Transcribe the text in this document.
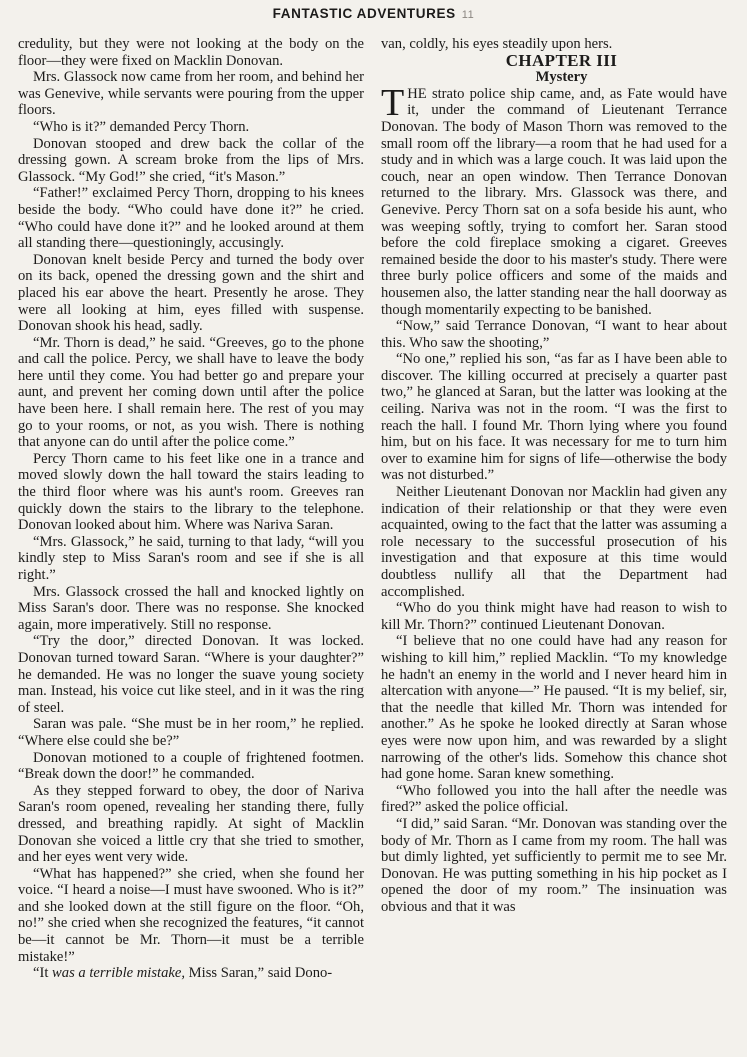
FANTASTIC ADVENTURES 11

credulity, but they were not looking at the body on the floor—they were fixed on Macklin Donovan.

Mrs. Glassock now came from her room, and behind her was Genevive, while servants were pouring from the upper floors.

“Who is it?” demanded Percy Thorn.

Donovan stooped and drew back the collar of the dressing gown. A scream broke from the lips of Mrs. Glassock. “My God!” she cried, “it's Mason.”

“Father!” exclaimed Percy Thorn, dropping to his knees beside the body. “Who could have done it?” he cried. “Who could have done it?” and he looked around at them all standing there—questioningly, accusingly.

Donovan knelt beside Percy and turned the body over on its back, opened the dressing gown and the shirt and placed his ear above the heart. Presently he arose. They were all looking at him, eyes filled with suspense. Donovan shook his head, sadly.

“Mr. Thorn is dead,” he said. “Greeves, go to the phone and call the police. Percy, we shall have to leave the body here until they come. You had better go and prepare your aunt, and prevent her coming down until after the police have been here. I shall remain here. The rest of you may go to your rooms, or not, as you wish. There is nothing that anyone can do until after the police come.”

Percy Thorn came to his feet like one in a trance and moved slowly down the hall toward the stairs leading to the third floor where was his aunt's room. Greeves ran quickly down the stairs to the library to the telephone. Donovan looked about him. Where was Nariva Saran.

“Mrs. Glassock,” he said, turning to that lady, “will you kindly step to Miss Saran's room and see if she is all right.”

Mrs. Glassock crossed the hall and knocked lightly on Miss Saran's door. There was no response. She knocked again, more imperatively. Still no response.

“Try the door,” directed Donovan. It was locked. Donovan turned toward Saran. “Where is your daughter?” he demanded. He was no longer the suave young society man. Instead, his voice cut like steel, and in it was the ring of steel.

Saran was pale. “She must be in her room,” he replied. “Where else could she be?”

Donovan motioned to a couple of frightened footmen. “Break down the door!” he commanded.

As they stepped forward to obey, the door of Nariva Saran's room opened, revealing her standing there, fully dressed, and breathing rapidly. At sight of Macklin Donovan she voiced a little cry that she tried to smother, and her eyes went very wide.

“What has happened?” she cried, when she found her voice. “I heard a noise—I must have swooned. Who is it?” and she looked down at the still figure on the floor. “Oh, no!” she cried when she recognized the features, “it cannot be—it cannot be Mr. Thorn—it must be a terrible mistake!”

“It was a terrible mistake, Miss Saran,” said Dono-

van, coldly, his eyes steadily upon hers.

CHAPTER III

Mystery

THE strato police ship came, and, as Fate would have it, under the command of Lieutenant Terrance Donovan. The body of Mason Thorn was removed to the small room off the library—a room that he had used for a study and in which was a large couch. It was laid upon the couch, near an open window. Then Terrance Donovan returned to the library. Mrs. Glassock was there, and Genevive. Percy Thorn sat on a sofa beside his aunt, who was weeping softly, trying to comfort her. Saran stood before the cold fireplace smoking a cigaret. Greeves remained beside the door to his master's study. There were three burly police officers and some of the maids and housemen also, the latter standing near the hall doorway as though momentarily expecting to be banished.

“Now,” said Terrance Donovan, “I want to hear about this. Who saw the shooting,”

“No one,” replied his son, “as far as I have been able to discover. The killing occurred at precisely a quarter past two,” he glanced at Saran, but the latter was looking at the ceiling. Nariva was not in the room. “I was the first to reach the hall. I found Mr. Thorn lying where you found him, but on his face. It was necessary for me to turn him over to examine him for signs of life—otherwise the body was not disturbed.”

Neither Lieutenant Donovan nor Macklin had given any indication of their relationship or that they were even acquainted, owing to the fact that the latter was assuming a role necessary to the successful prosecution of his investigation and that exposure at this time would doubtless nullify all that the Department had accomplished.

“Who do you think might have had reason to wish to kill Mr. Thorn?” continued Lieutenant Donovan.

“I believe that no one could have had any reason for wishing to kill him,” replied Macklin. “To my knowledge he hadn't an enemy in the world and I never heard him in altercation with anyone—” He paused. “It is my belief, sir, that the needle that killed Mr. Thorn was intended for another.” As he spoke he looked directly at Saran whose eyes were now upon him, and was rewarded by a slight narrowing of the other's lids. Somehow this chance shot had gone home. Saran knew something.

“Who followed you into the hall after the needle was fired?” asked the police official.

“I did,” said Saran. “Mr. Donovan was standing over the body of Mr. Thorn as I came from my room. The hall was but dimly lighted, yet sufficiently to permit me to see Mr. Donovan. He was putting something in his hip pocket as I opened the door of my room.” The insinuation was obvious and that it was
